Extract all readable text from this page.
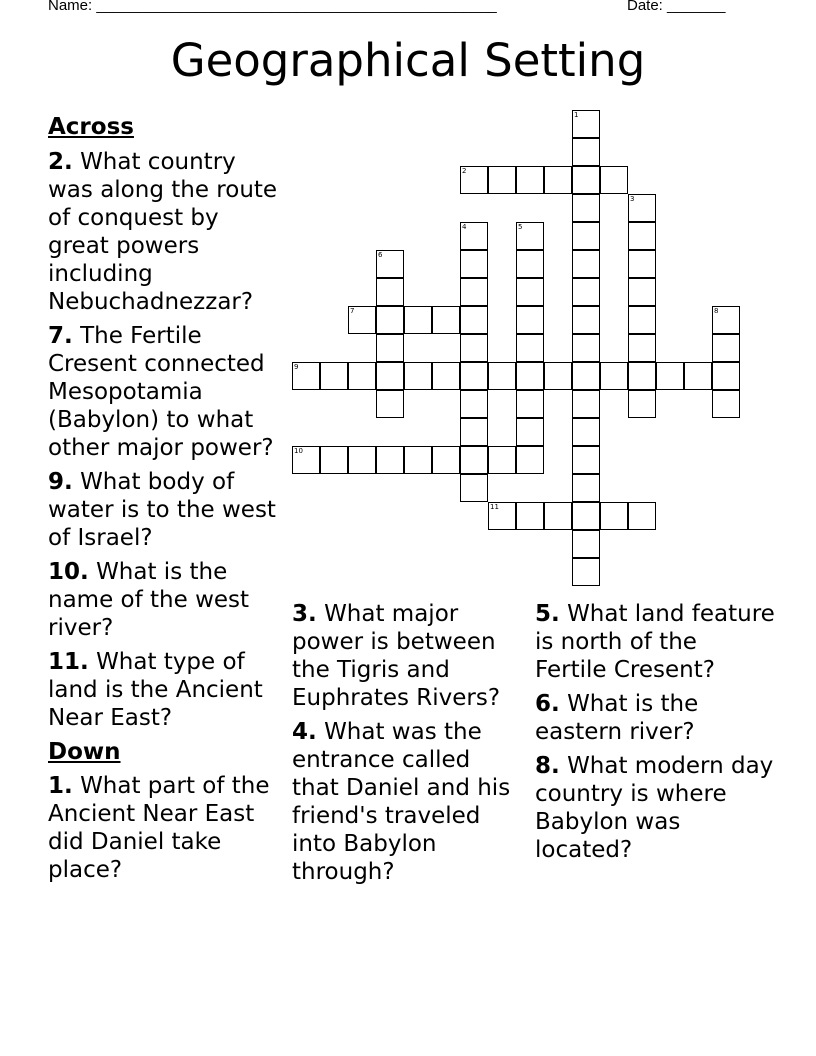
Name: ________________________________________________	Date: _______
Geographical Setting
Across
2. What country was along the route of conquest by great powers including Nebuchadnezzar?
7. The Fertile Cresent connected Mesopotamia (Babylon) to what other major power?
9. What body of water is to the west of Israel?
10. What is the name of the west river?
11. What type of land is the Ancient Near East?
Down
1. What part of the Ancient Near East did Daniel take place?
3. What major power is between the Tigris and Euphrates Rivers?
4. What was the entrance called that Daniel and his friend's traveled into Babylon through?
5. What land feature is north of the Fertile Cresent?
6. What is the eastern river?
8. What modern day country is where Babylon was located?
1
2
3
4	5
6
7	8
9
10
11
